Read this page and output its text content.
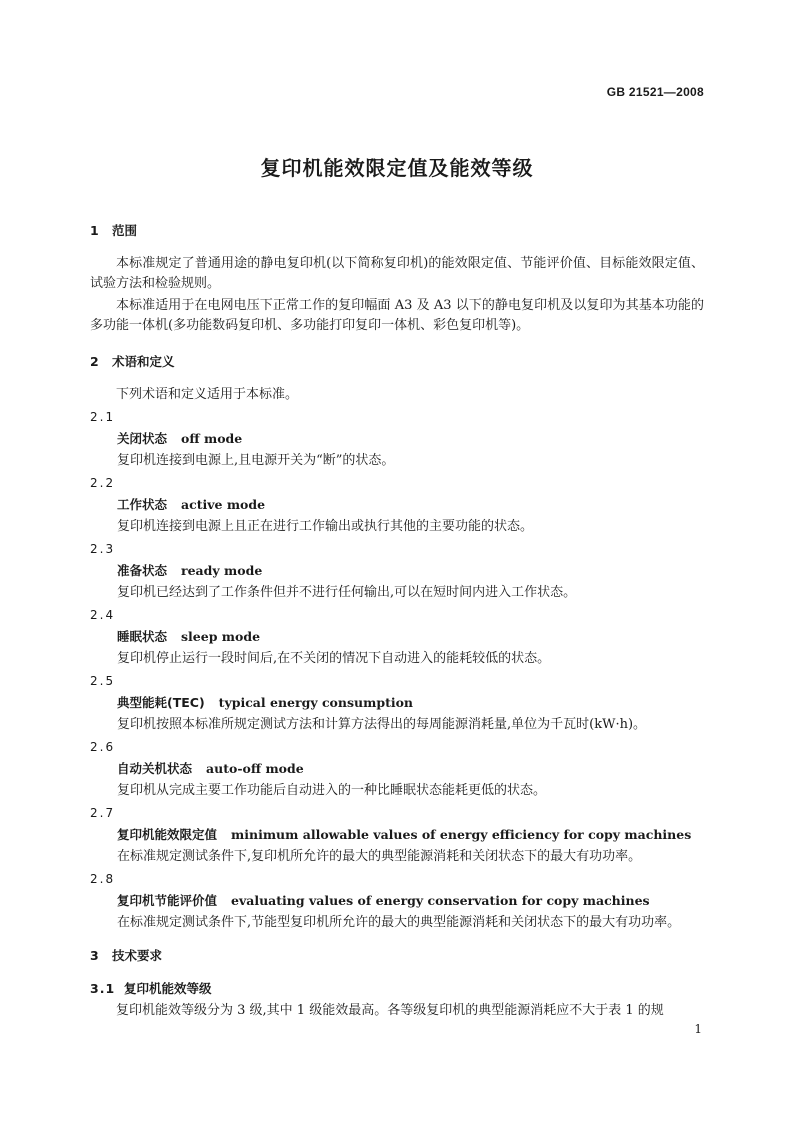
GB 21521—2008
复印机能效限定值及能效等级
1 范围
本标准规定了普通用途的静电复印机(以下简称复印机)的能效限定值、节能评价值、目标能效限定值、试验方法和检验规则。
本标准适用于在电网电压下正常工作的复印幅面 A3 及 A3 以下的静电复印机及以复印为其基本功能的多功能一体机(多功能数码复印机、多功能打印复印一体机、彩色复印机等)。
2 术语和定义
下列术语和定义适用于本标准。
2.1
关闭状态 off mode
复印机连接到电源上,且电源开关为“断”的状态。
2.2
工作状态 active mode
复印机连接到电源上且正在进行工作输出或执行其他的主要功能的状态。
2.3
准备状态 ready mode
复印机已经达到了工作条件但并不进行任何输出,可以在短时间内进入工作状态。
2.4
睡眠状态 sleep mode
复印机停止运行一段时间后,在不关闭的情况下自动进入的能耗较低的状态。
2.5
典型能耗(TEC) typical energy consumption
复印机按照本标准所规定测试方法和计算方法得出的每周能源消耗量,单位为千瓦时(kW·h)。
2.6
自动关机状态 auto-off mode
复印机从完成主要工作功能后自动进入的一种比睡眠状态能耗更低的状态。
2.7
复印机能效限定值 minimum allowable values of energy efficiency for copy machines
在标准规定测试条件下,复印机所允许的最大的典型能源消耗和关闭状态下的最大有功功率。
2.8
复印机节能评价值 evaluating values of energy conservation for copy machines
在标准规定测试条件下,节能型复印机所允许的最大的典型能源消耗和关闭状态下的最大有功功率。
3 技术要求
3.1 复印机能效等级
复印机能效等级分为 3 级,其中 1 级能效最高。各等级复印机的典型能源消耗应不大于表 1 的规
1
